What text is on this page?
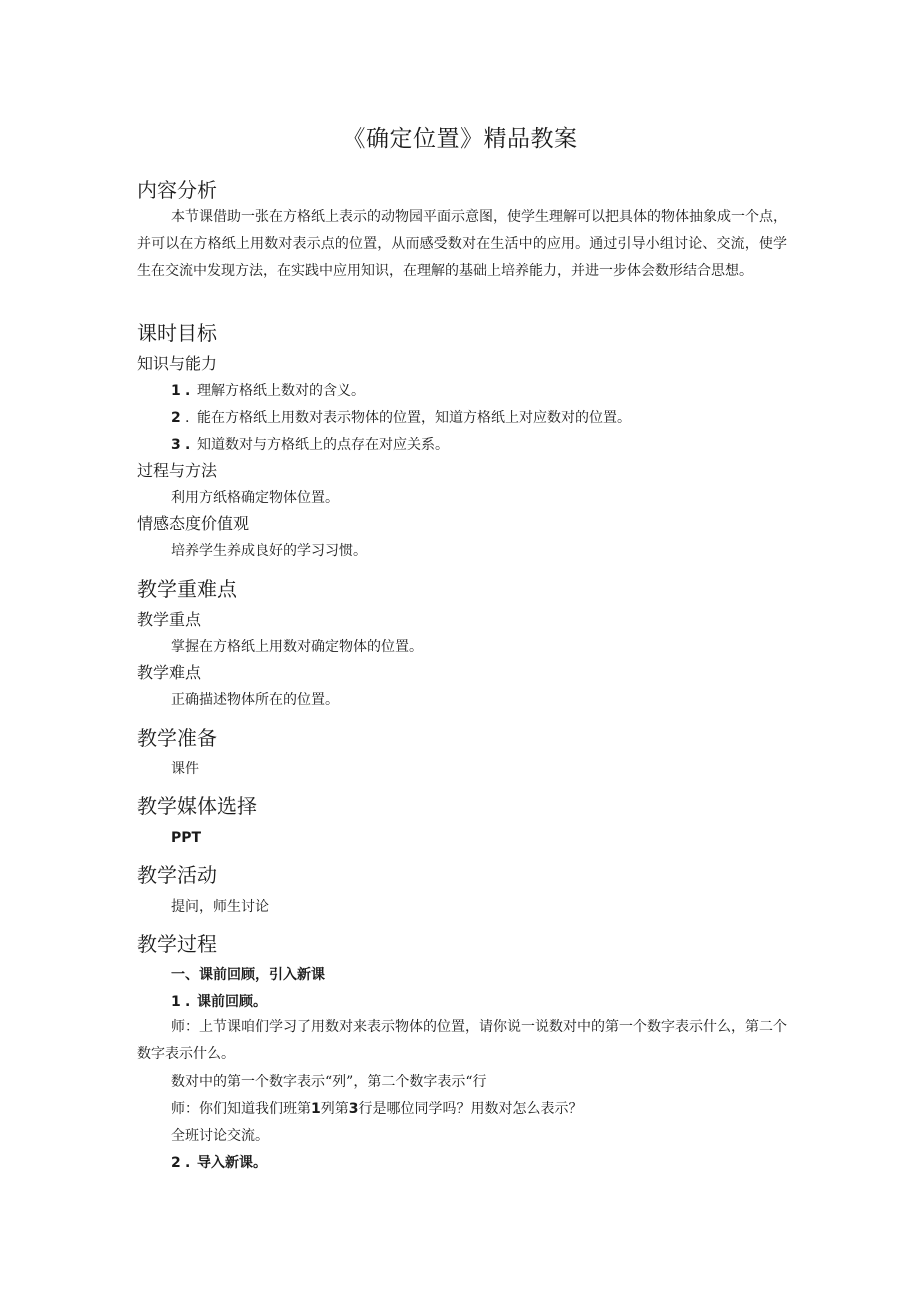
《确定位置》精品教案
内容分析
本节课借助一张在方格纸上表示的动物园平面示意图，使学生理解可以把具体的物体抽象成一个点，并可以在方格纸上用数对表示点的位置，从而感受数对在生活中的应用。通过引导小组讨论、交流，使学生在交流中发现方法，在实践中应用知识，在理解的基础上培养能力，并进一步体会数形结合思想。
课时目标
知识与能力
1 . 理解方格纸上数对的含义。
2 . 能在方格纸上用数对表示物体的位置，知道方格纸上对应数对的位置。
3 . 知道数对与方格纸上的点存在对应关系。
过程与方法
利用方纸格确定物体位置。
情感态度价值观
培养学生养成良好的学习习惯。
教学重难点
教学重点
掌握在方格纸上用数对确定物体的位置。
教学难点
正确描述物体所在的位置。
教学准备
课件
教学媒体选择
PPT
教学活动
提问，师生讨论
教学过程
一、课前回顾，引入新课
1 . 课前回顾。
师：上节课咱们学习了用数对来表示物体的位置，请你说一说数对中的第一个数字表示什么，第二个数字表示什么。
数对中的第一个数字表示“列”，第二个数字表示“行
师：你们知道我们班第1列第3行是哪位同学吗？用数对怎么表示？
全班讨论交流。
2 . 导入新课。
